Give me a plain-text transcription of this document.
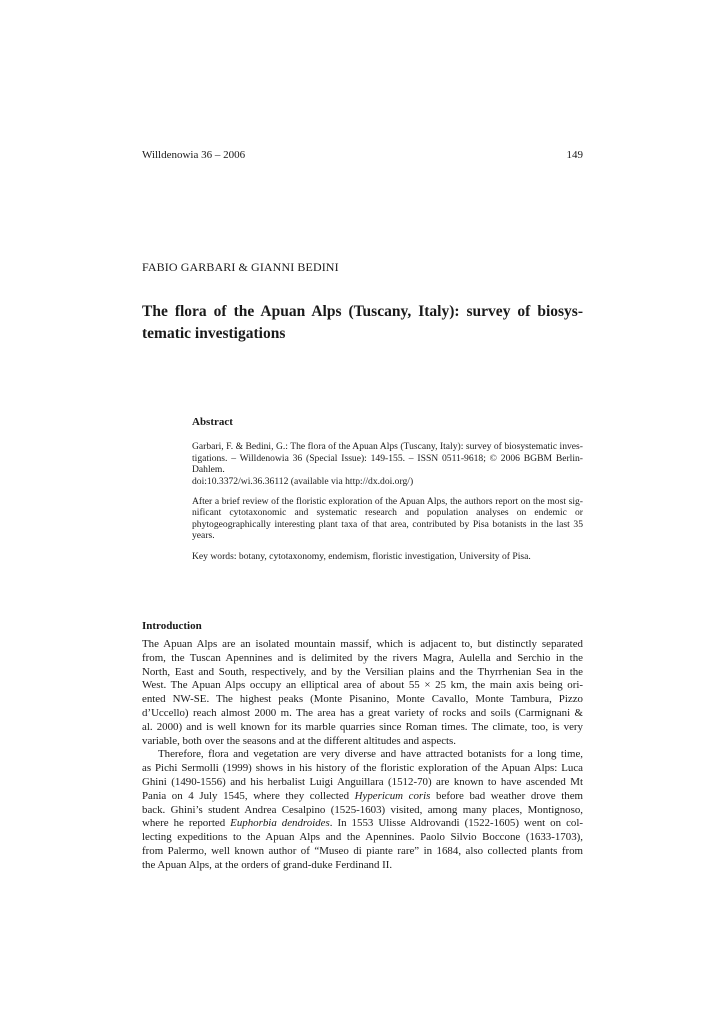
Willdenowia 36 – 2006	149
FABIO GARBARI & GIANNI BEDINI
The flora of the Apuan Alps (Tuscany, Italy): survey of biosys-
tematic investigations
Abstract
Garbari, F. & Bedini, G.: The flora of the Apuan Alps (Tuscany, Italy): survey of biosystematic inves-
tigations. – Willdenowia 36 (Special Issue): 149-155. – ISSN 0511-9618; © 2006 BGBM Berlin-
Dahlem.
doi:10.3372/wi.36.36112 (available via http://dx.doi.org/)
After a brief review of the floristic exploration of the Apuan Alps, the authors report on the most sig-
nificant cytotaxonomic and systematic research and population analyses on endemic or
phytogeographically interesting plant taxa of that area, contributed by Pisa botanists in the last 35
years.
Key words: botany, cytotaxonomy, endemism, floristic investigation, University of Pisa.
Introduction
The Apuan Alps are an isolated mountain massif, which is adjacent to, but distinctly separated
from, the Tuscan Apennines and is delimited by the rivers Magra, Aulella and Serchio in the
North, East and South, respectively, and by the Versilian plains and the Thyrrhenian Sea in the
West. The Apuan Alps occupy an elliptical area of about 55 × 25 km, the main axis being ori-
ented NW-SE. The highest peaks (Monte Pisanino, Monte Cavallo, Monte Tambura, Pizzo
d’Uccello) reach almost 2000 m. The area has a great variety of rocks and soils (Carmignani &
al. 2000) and is well known for its marble quarries since Roman times. The climate, too, is very
variable, both over the seasons and at the different altitudes and aspects.
Therefore, flora and vegetation are very diverse and have attracted botanists for a long time,
as Pichi Sermolli (1999) shows in his history of the floristic exploration of the Apuan Alps: Luca
Ghini (1490-1556) and his herbalist Luigi Anguillara (1512-70) are known to have ascended Mt
Pania on 4 July 1545, where they collected Hypericum coris before bad weather drove them
back. Ghini’s student Andrea Cesalpino (1525-1603) visited, among many places, Montignoso,
where he reported Euphorbia dendroides. In 1553 Ulisse Aldrovandi (1522-1605) went on col-
lecting expeditions to the Apuan Alps and the Apennines. Paolo Silvio Boccone (1633-1703),
from Palermo, well known author of “Museo di piante rare” in 1684, also collected plants from
the Apuan Alps, at the orders of grand-duke Ferdinand II.
